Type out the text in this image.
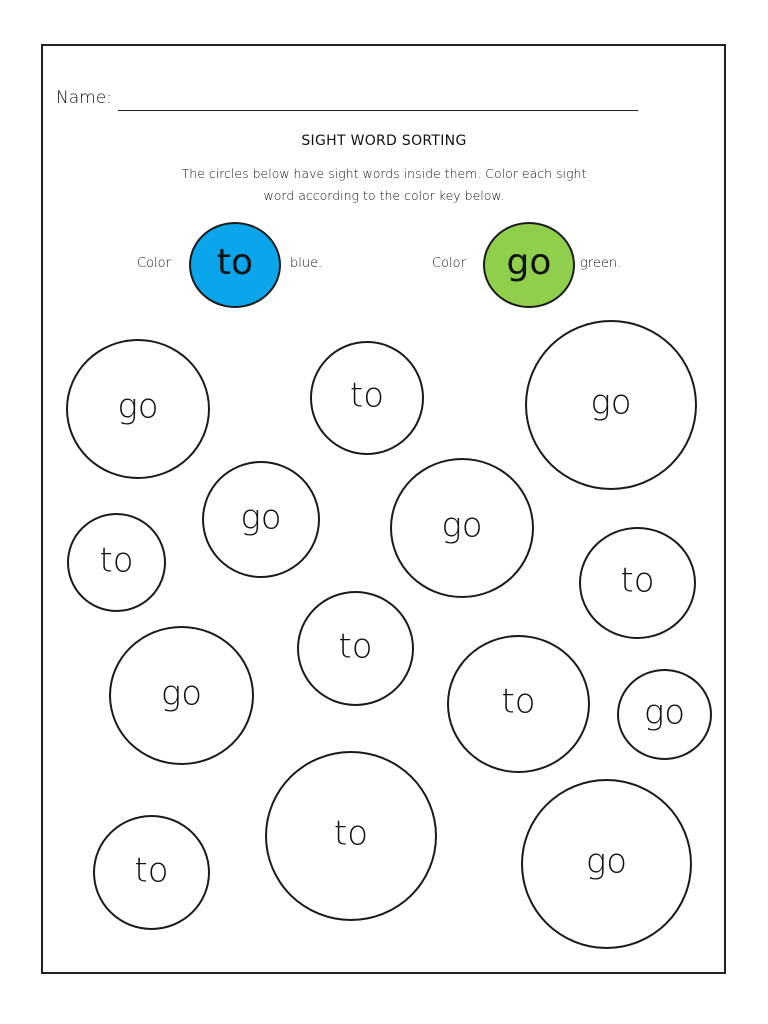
Name:
SIGHT WORD SORTING
The circles below have sight words inside them. Color each sight
word according to the color key below.
Color to	blue.	Color go green.
go	to	go
go	go
to
to
to
go	to	go
to
to	go
